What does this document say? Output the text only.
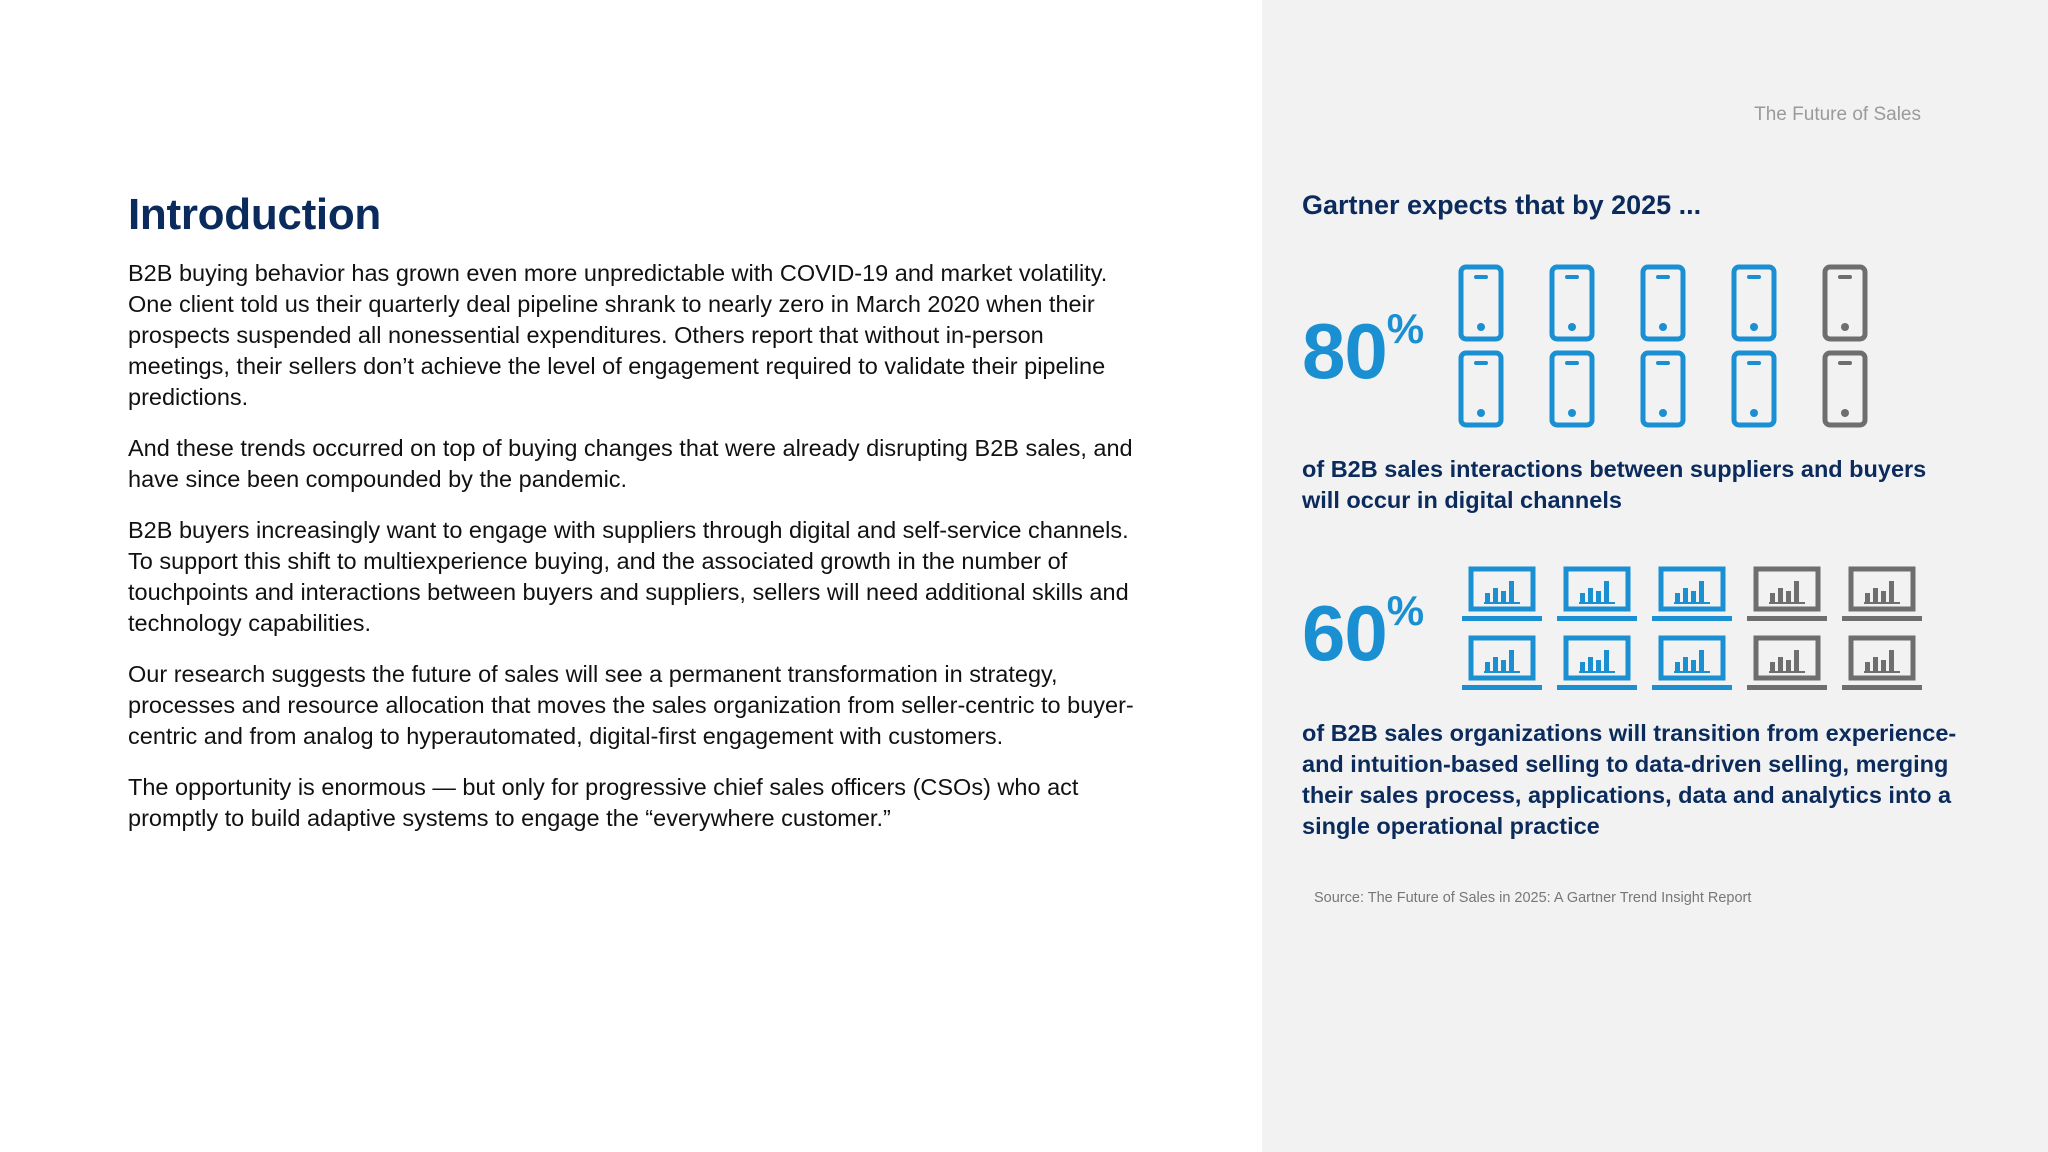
Introduction

B2B buying behavior has grown even more unpredictable with COVID-19 and market volatility. One client told us their quarterly deal pipeline shrank to nearly zero in March 2020 when their prospects suspended all nonessential expenditures. Others report that without in-person meetings, their sellers don’t achieve the level of engagement required to validate their pipeline predictions.

And these trends occurred on top of buying changes that were already disrupting B2B sales, and have since been compounded by the pandemic.

B2B buyers increasingly want to engage with suppliers through digital and self-service channels. To support this shift to multiexperience buying, and the associated growth in the number of touchpoints and interactions between buyers and suppliers, sellers will need additional skills and technology capabilities.

Our research suggests the future of sales will see a permanent transformation in strategy, processes and resource allocation that moves the sales organization from seller-centric to buyer-centric and from analog to hyperautomated, digital-first engagement with customers.

The opportunity is enormous — but only for progressive chief sales officers (CSOs) who act promptly to build adaptive systems to engage the “everywhere customer.”

The Future of Sales
Gartner expects that by 2025 ...
80%
of B2B sales interactions between suppliers and buyers will occur in digital channels
60%
of B2B sales organizations will transition from experience- and intuition-based selling to data-driven selling, merging their sales process, applications, data and analytics into a single operational practice
Source: The Future of Sales in 2025: A Gartner Trend Insight Report
